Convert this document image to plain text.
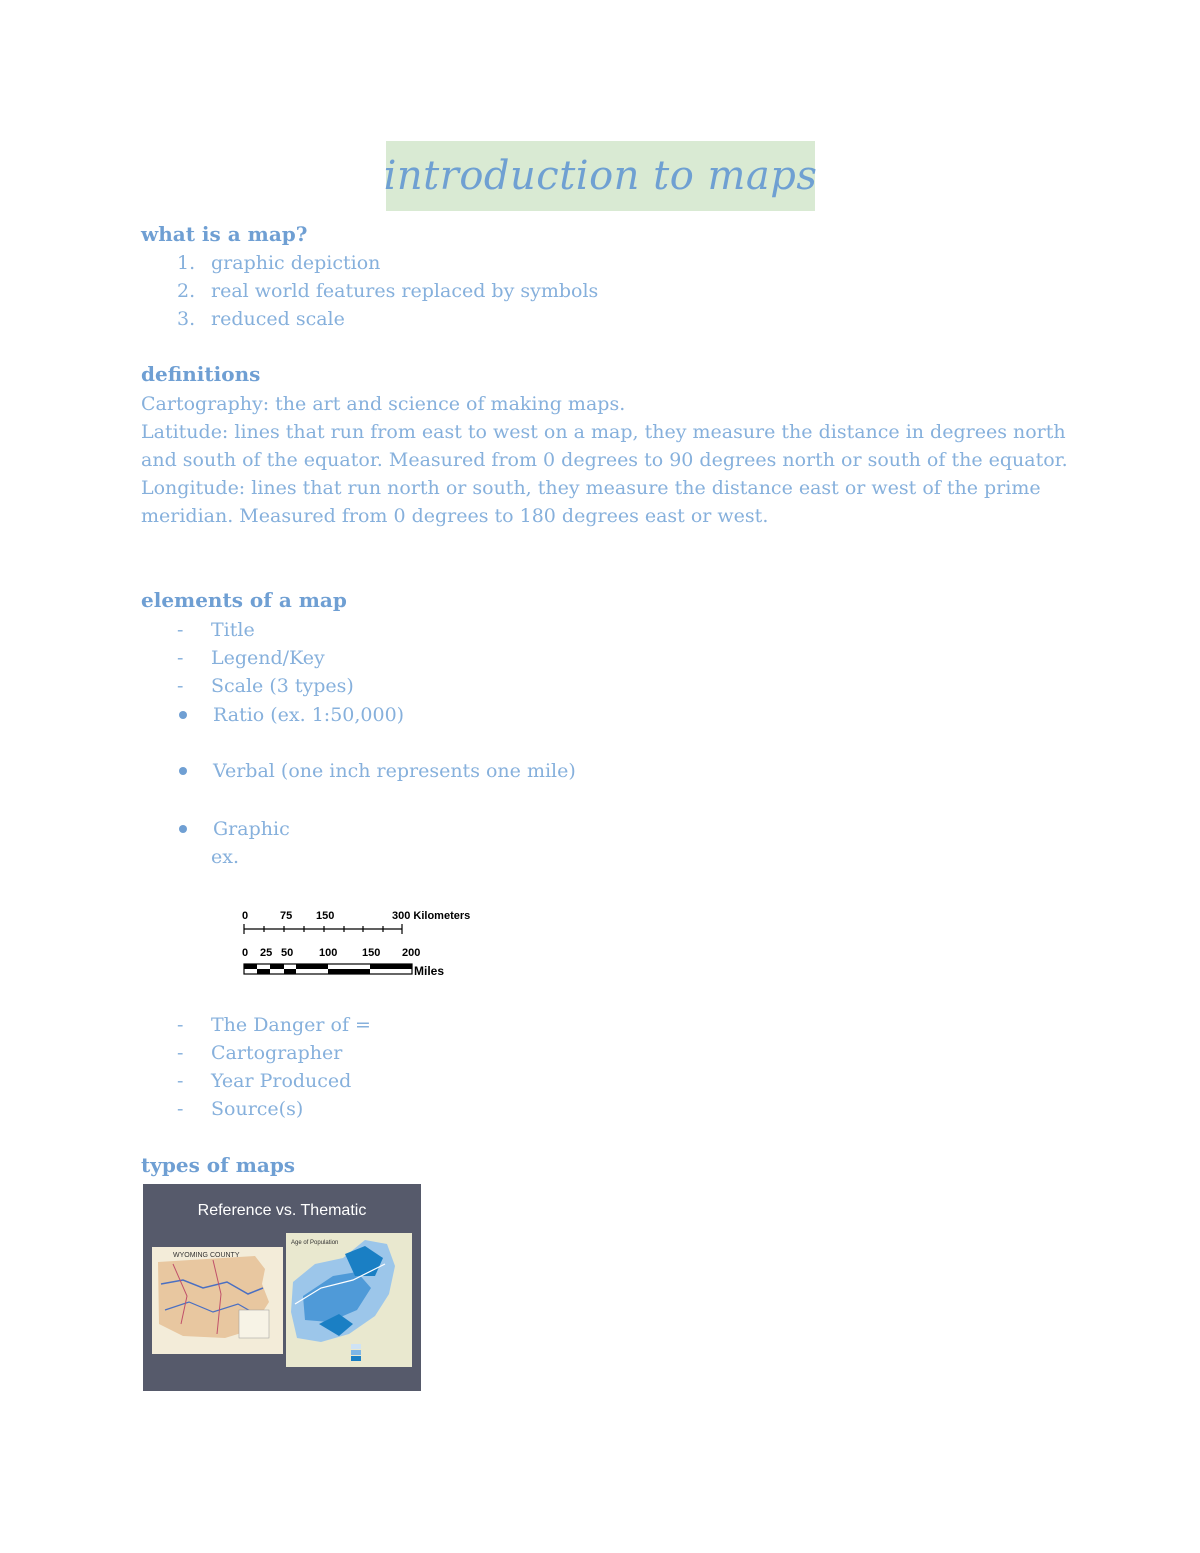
introduction to maps
what is a map?
1. graphic depiction
2. real world features replaced by symbols
3. reduced scale
definitions
Cartography: the art and science of making maps.
Latitude: lines that run from east to west on a map, they measure the distance in degrees north
and south of the equator. Measured from 0 degrees to 90 degrees north or south of the equator.
Longitude: lines that run north or south, they measure the distance east or west of the prime
meridian. Measured from 0 degrees to 180 degrees east or west.
elements of a map
-	Title
-	Legend/Key
-	Scale (3 types)
Ratio (ex. 1:50,000)
Verbal (one inch represents one mile)
Graphic
ex.
0	75 150	300 Kilometers
0 25 50 100 150 200
Miles
-	The Danger of =
-	Cartographer
-	Year Produced
-	Source(s)
types of maps
Reference vs. Thematic
WYOMING COUNTY
Age of Population
